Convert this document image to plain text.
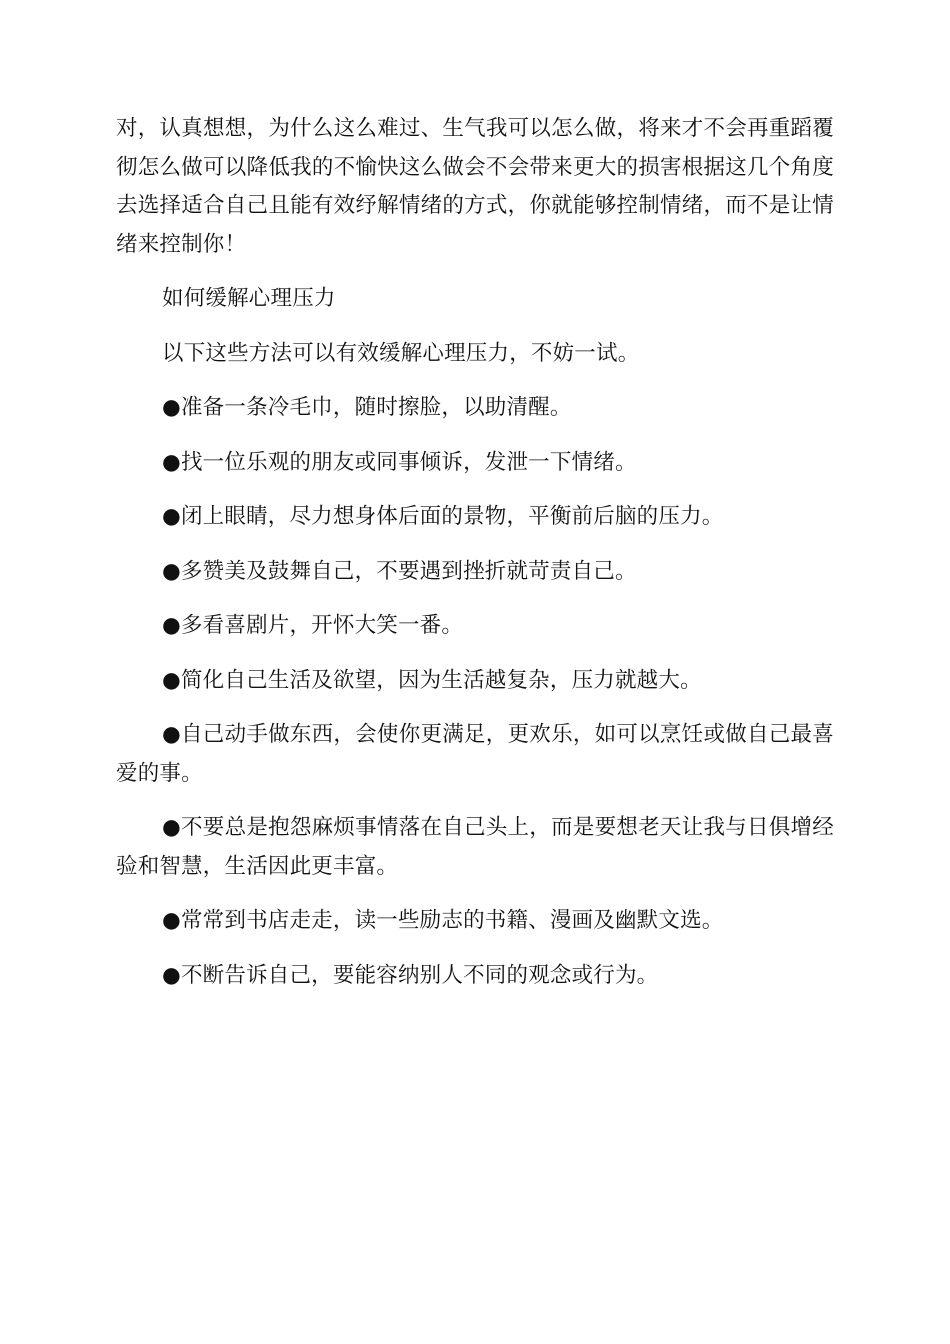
对，认真想想，为什么这么难过、生气我可以怎么做，将来才不会再重蹈覆彻怎么做可以降低我的不愉快这么做会不会带来更大的损害根据这几个角度去选择适合自己且能有效纾解情绪的方式，你就能够控制情绪，而不是让情绪来控制你！

如何缓解心理压力

以下这些方法可以有效缓解心理压力，不妨一试。

●准备一条冷毛巾，随时擦脸，以助清醒。

●找一位乐观的朋友或同事倾诉，发泄一下情绪。

●闭上眼睛，尽力想身体后面的景物，平衡前后脑的压力。

●多赞美及鼓舞自己，不要遇到挫折就苛责自己。

●多看喜剧片，开怀大笑一番。

●简化自己生活及欲望，因为生活越复杂，压力就越大。

●自己动手做东西，会使你更满足，更欢乐，如可以烹饪或做自己最喜爱的事。

●不要总是抱怨麻烦事情落在自己头上，而是要想老天让我与日俱增经验和智慧，生活因此更丰富。

●常常到书店走走，读一些励志的书籍、漫画及幽默文选。

●不断告诉自己，要能容纳别人不同的观念或行为。
